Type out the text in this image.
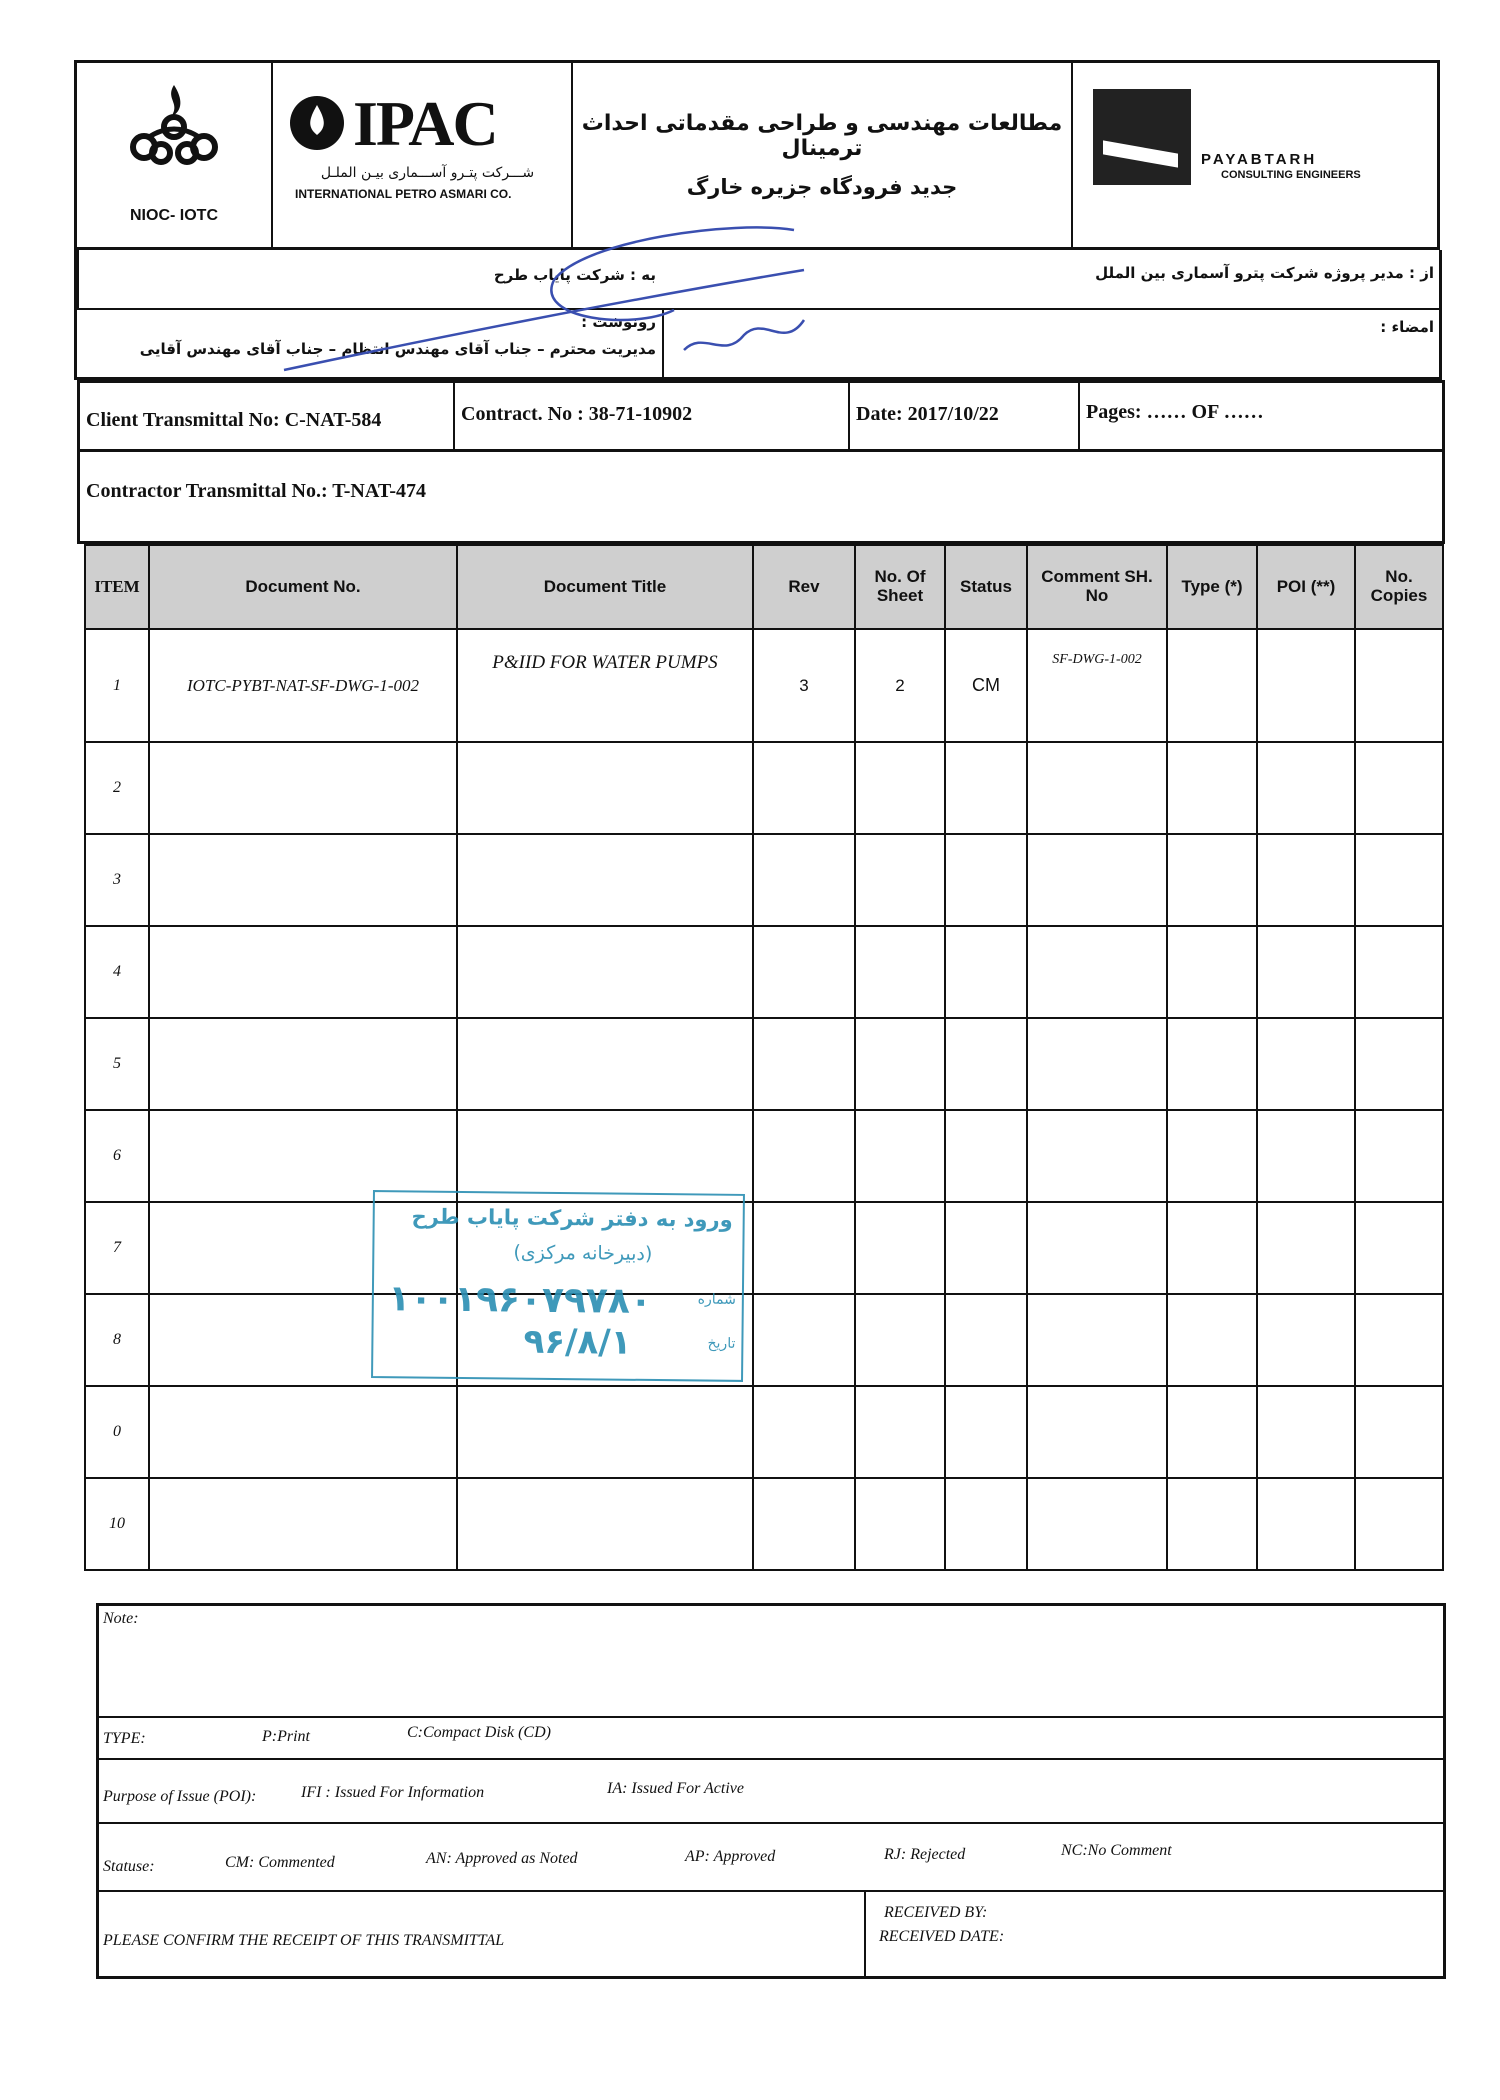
NIOC- IOTC
IPAC
شـــرکت پتـرو آســـماری بیـن الملـل
INTERNATIONAL PETRO ASMARI CO.
مطالعات مهندسی و طراحی مقدماتی احداث ترمینال
جدید فرودگاه جزیره خارگ
PAYABTARH
CONSULTING ENGINEERS
از : مدیر پروژه شرکت پترو آسماری بین الملل
به : شرکت پایاب طرح
امضاء :
رونوشت :
مدیریت محترم – جناب آقای مهندس انتظام – جناب آقای مهندس آقایی
Client Transmittal No: C-NAT-584	Contract. No : 38-71-10902	Date: 2017/10/22	Pages: …… OF ……
Contractor Transmittal No.: T-NAT-474
ITEM	Document No.	Document Title	Rev	No. Of Sheet	Status	Comment SH. No	Type (*)	POI (**)	No. Copies
1	IOTC-PYBT-NAT-SF-DWG-1-002	P&IID FOR WATER PUMPS	3	2	CM	SF-DWG-1-002			
2									
3									
4									
5									
6									
7									
8									
0									
10									
ورود به دفتر شرکت پایاب طرح
(دبیرخانه مرکزی)
شماره
۱۰۰۱۹۶۰۷۹۷۸۰
تاریخ
۹۶/۸/۱
Note:
TYPE:	P:Print	C:Compact Disk (CD)
Purpose of Issue (POI):	IFI : Issued For Information	IA: Issued For Active
Statuse:	CM: Commented	AN: Approved as Noted	AP: Approved	RJ: Rejected	NC:No Comment
PLEASE CONFIRM THE RECEIPT OF THIS TRANSMITTAL
RECEIVED BY:
RECEIVED DATE:
